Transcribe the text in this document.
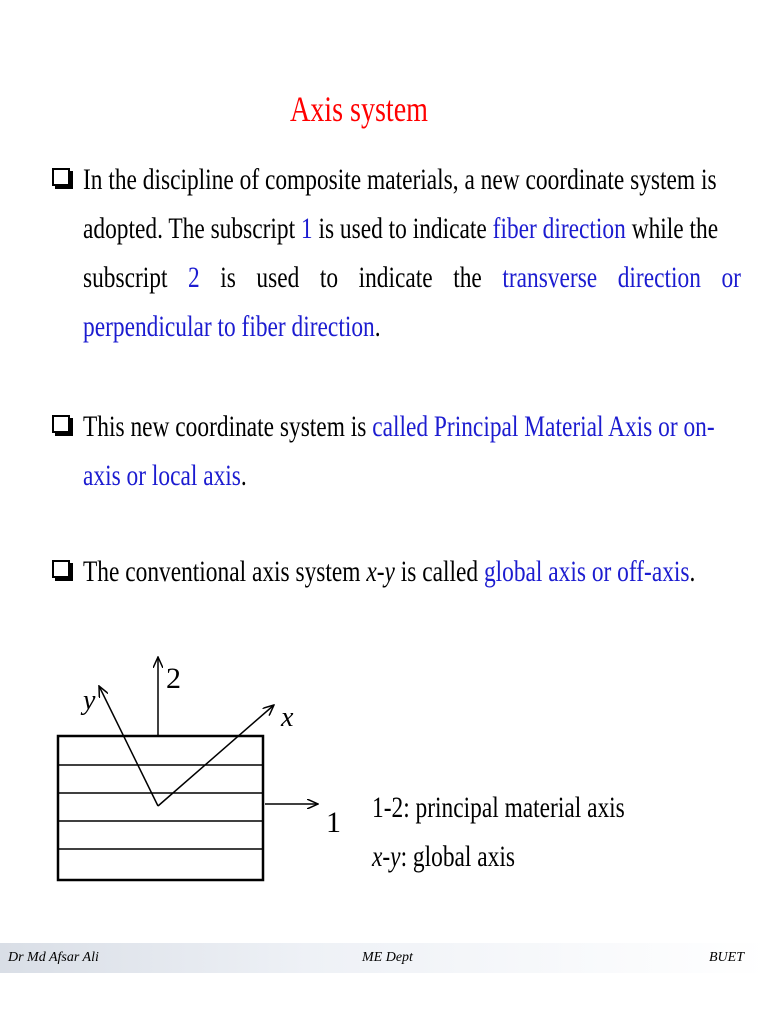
Axis system
In the discipline of composite materials, a new coordinate system is
adopted. The subscript 1 is used to indicate fiber direction while the
subscript 2 is used to indicate the transverse direction or
perpendicular to fiber direction.
This new coordinate system is called Principal Material Axis or on-
axis or local axis.
The conventional axis system x-y is called global axis or off-axis.
2
1
x
y
1-2: principal material axis
x-y: global axis
Dr Md Afsar Ali	ME Dept	BUET
